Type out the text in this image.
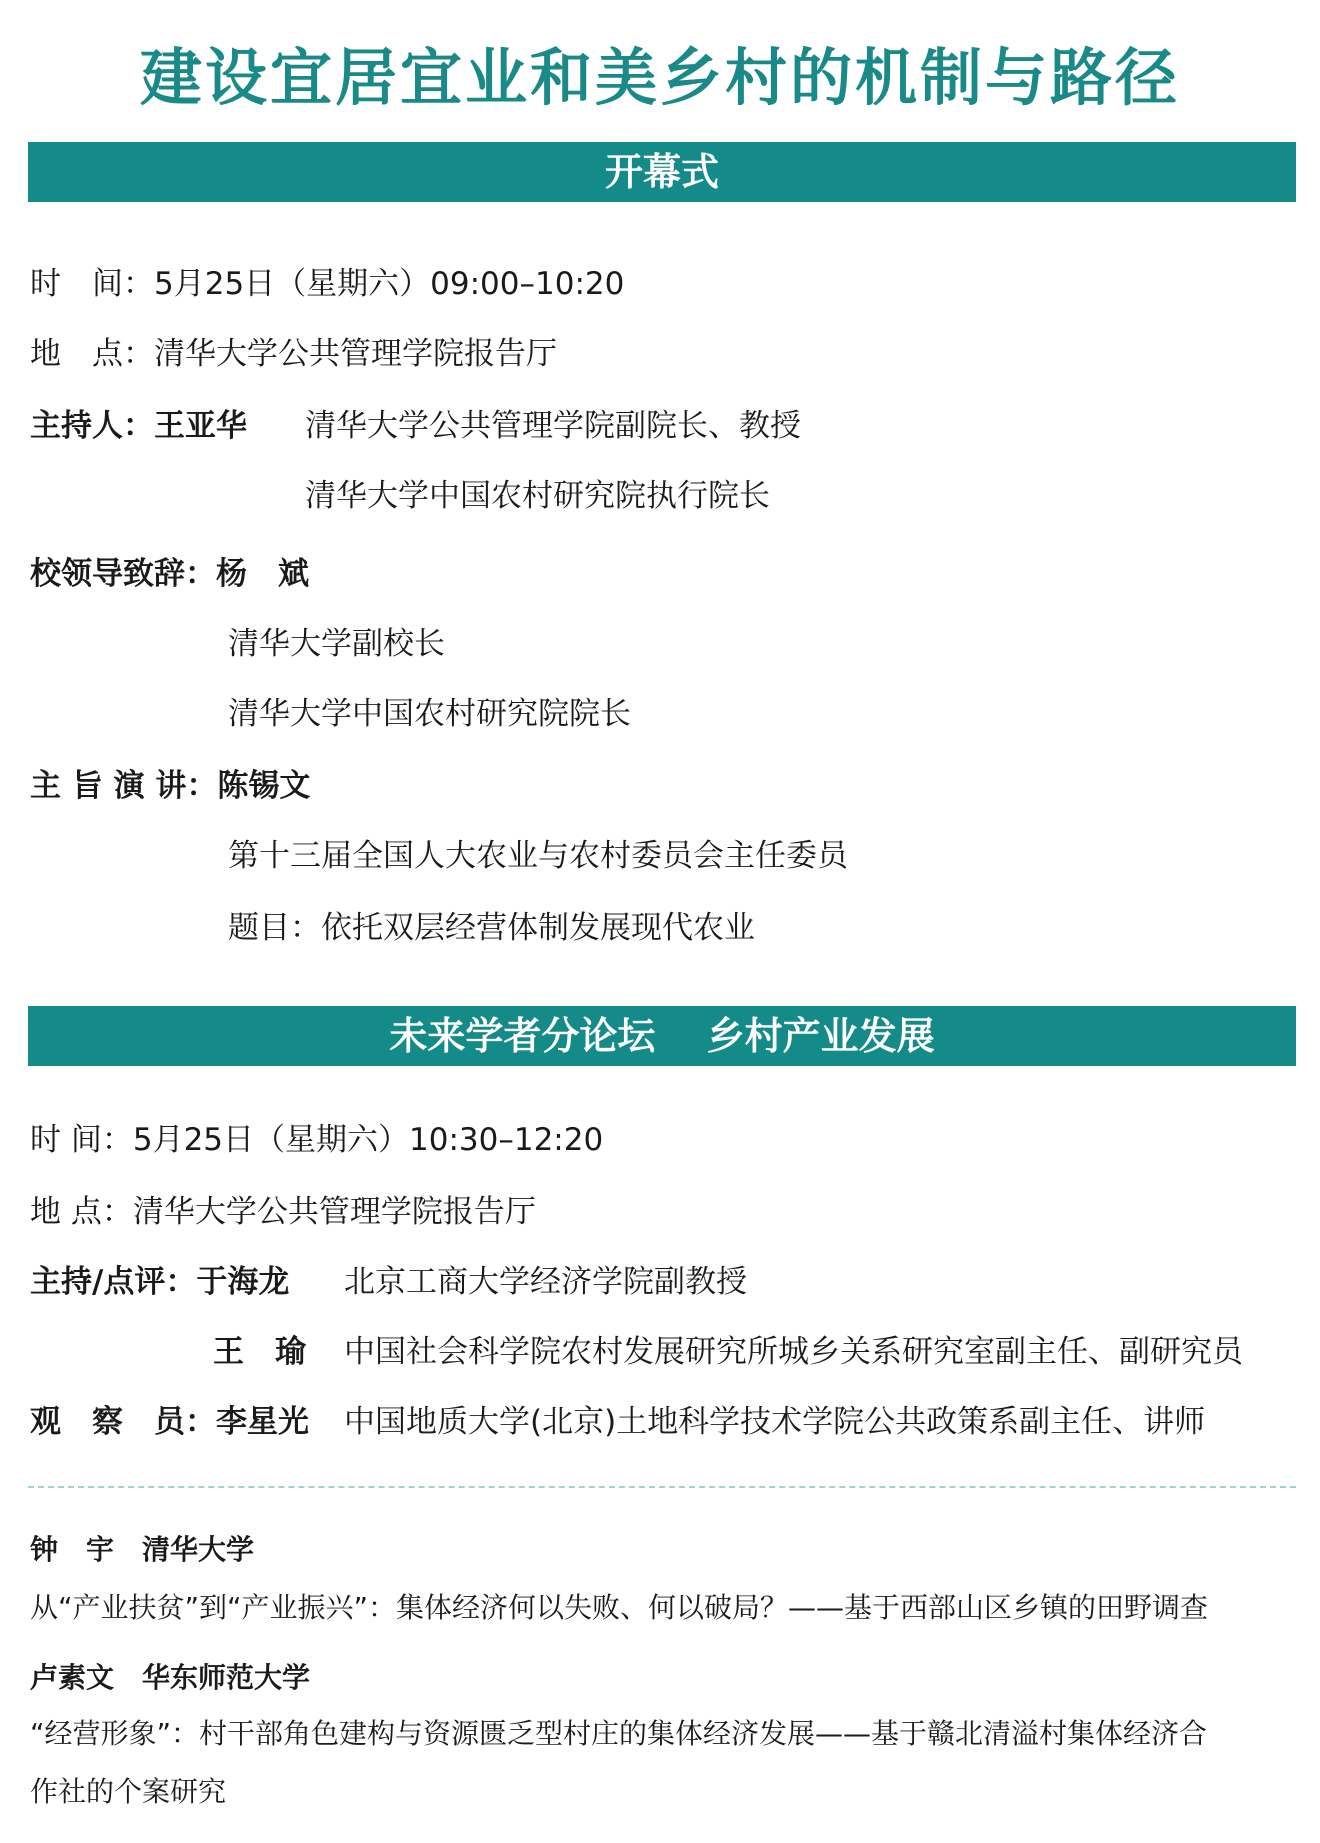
建设宜居宜业和美乡村的机制与路径
开幕式
时　间：5月25日（星期六）09:00–10:20
地　点：清华大学公共管理学院报告厅
主持人：王亚华 清华大学公共管理学院副院长、教授
清华大学中国农村研究院执行院长
校领导致辞：杨　斌
清华大学副校长
清华大学中国农村研究院院长
主 旨 演 讲：陈锡文
第十三届全国人大农业与农村委员会主任委员
题目：依托双层经营体制发展现代农业
未来学者分论坛　 乡村产业发展
时 间：5月25日（星期六）10:30–12:20
地 点：清华大学公共管理学院报告厅
主持/点评：于海龙 北京工商大学经济学院副教授
王　瑜 中国社会科学院农村发展研究所城乡关系研究室副主任、副研究员
观　察　员：李星光 中国地质大学(北京)土地科学技术学院公共政策系副主任、讲师
钟　宇　清华大学
从“产业扶贫”到“产业振兴”：集体经济何以失败、何以破局？——基于西部山区乡镇的田野调查
卢素文　华东师范大学
“经营形象”：村干部角色建构与资源匮乏型村庄的集体经济发展——基于赣北清溢村集体经济合
作社的个案研究
